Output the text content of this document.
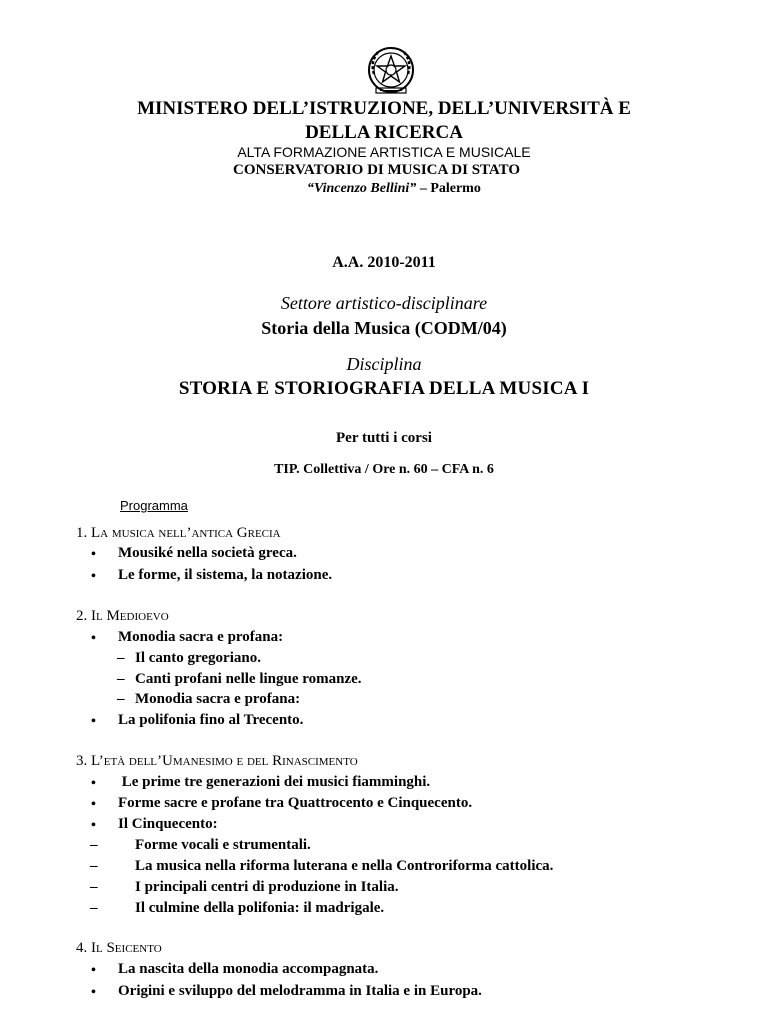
MINISTERO DELL’ISTRUZIONE, DELL’UNIVERSITÀ E
DELLA RICERCA
ALTA FORMAZIONE ARTISTICA E MUSICALE
CONSERVATORIO DI MUSICA DI STATO
“Vincenzo Bellini” – Palermo
A.A. 2010-2011
Settore artistico-disciplinare
Storia della Musica (CODM/04)
Disciplina
STORIA E STORIOGRAFIA DELLA MUSICA I
Per tutti i corsi
TIP. Collettiva / Ore n. 60 – CFA n. 6
Programma
1. La musica nell’antica Grecia
• Mousiké nella società greca.
• Le forme, il sistema, la notazione.
2. Il Medioevo
• Monodia sacra e profana:
– Il canto gregoriano.
– Canti profani nelle lingue romanze.
– Monodia sacra e profana:
• La polifonia fino al Trecento.
3. L’età dell’Umanesimo e del Rinascimento
• Le prime tre generazioni dei musici fiamminghi.
• Forme sacre e profane tra Quattrocento e Cinquecento.
• Il Cinquecento:
–	Forme vocali e strumentali.
–	La musica nella riforma luterana e nella Controriforma cattolica.
–	I principali centri di produzione in Italia.
–	Il culmine della polifonia: il madrigale.
4. Il Seicento
• La nascita della monodia accompagnata.
• Origini e sviluppo del melodramma in Italia e in Europa.
